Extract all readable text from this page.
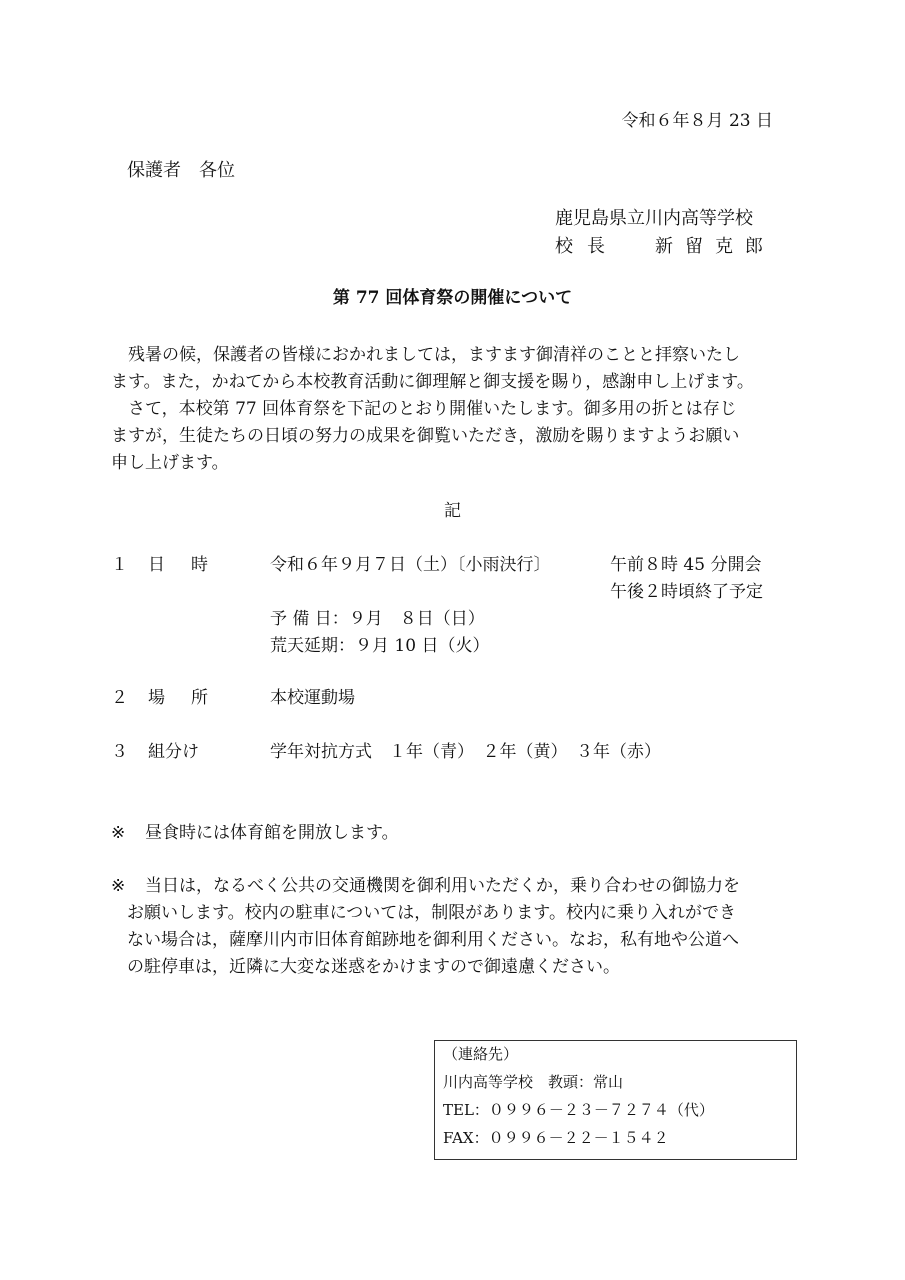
令和６年８月 23 日
保護者　各位
鹿児島県立川内高等学校
校長 新留克郎
第 77 回体育祭の開催について
残暑の候，保護者の皆様におかれましては，ますます御清祥のことと拝察いたし
ます。また，かねてから本校教育活動に御理解と御支援を賜り，感謝申し上げます。
さて，本校第 77 回体育祭を下記のとおり開催いたします。御多用の折とは存じ
ますが，生徒たちの日頃の努力の成果を御覧いただき，激励を賜りますようお願い
申し上げます。
記
１ 日時 令和６年９月７日（土）〔小雨決行〕	午前８時 45 分開会
午後２時頃終了予定
予 備 日：９月　８日（日）
荒天延期：９月 10 日（火）
２ 場所 本校運動場
３ 組分け	学年対抗方式　１年（青）　２年（黄）　３年（赤）
※ 昼食時には体育館を開放します。
※ 当日は，なるべく公共の交通機関を御利用いただくか，乗り合わせの御協力を
お願いします。校内の駐車については，制限があります。校内に乗り入れができ
ない場合は，薩摩川内市旧体育館跡地を御利用ください。なお，私有地や公道へ
の駐停車は，近隣に大変な迷惑をかけますので御遠慮ください。
（連絡先）
川内高等学校　教頭：常山
TEL：０９９６－２３－７２７４（代）
FAX：０９９６－２２－１５４２
